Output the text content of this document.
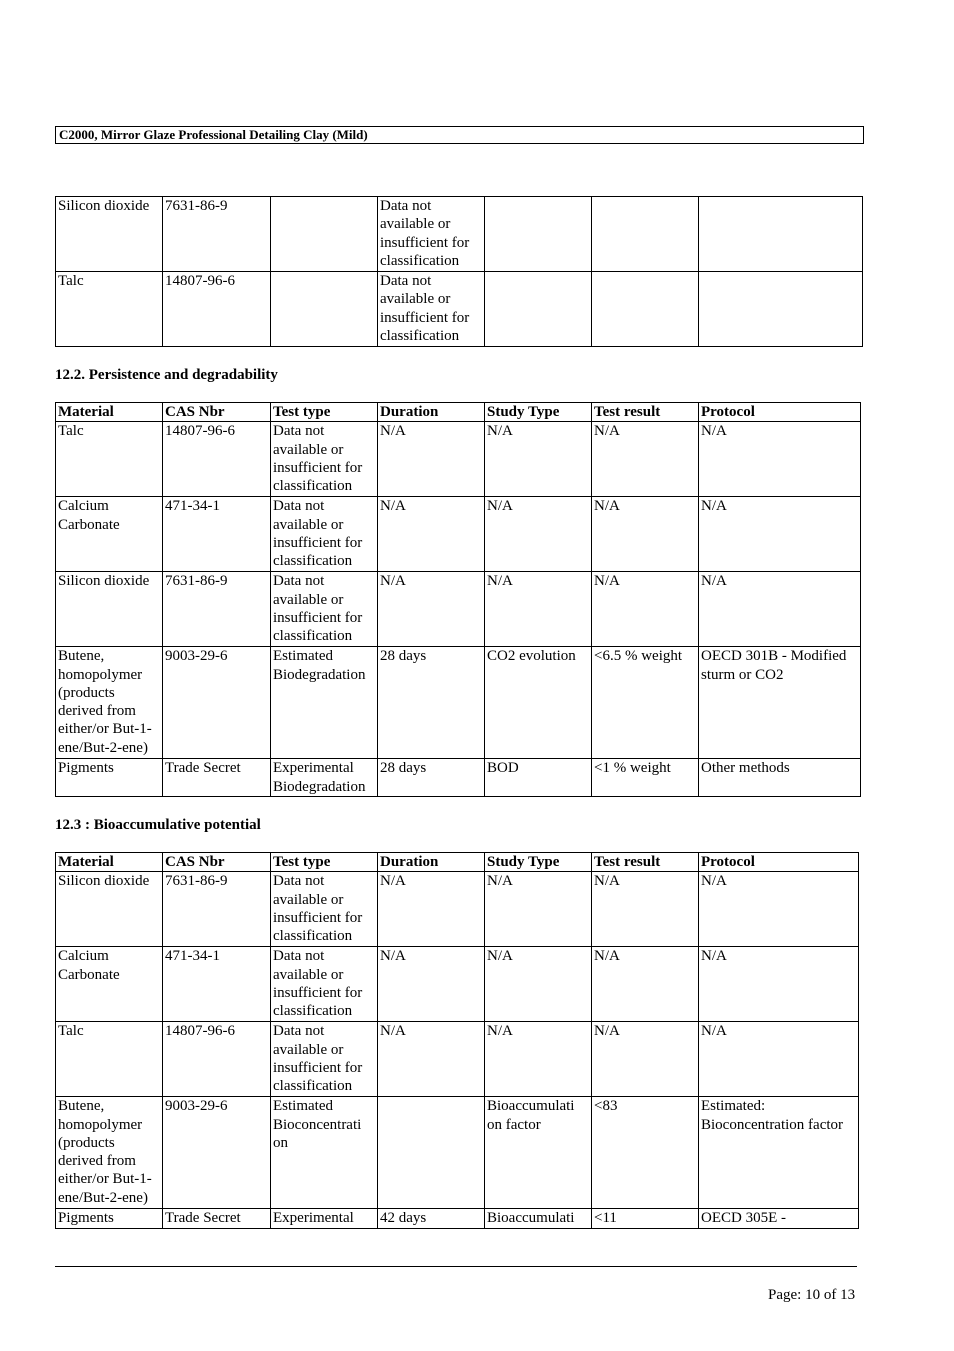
C2000, Mirror Glaze Professional Detailing Clay (Mild)
Silicon dioxide	7631-86-9		Data not available or insufficient for classification			
Talc	14807-96-6		Data not available or insufficient for classification			
12.2. Persistence and degradability
Material	CAS Nbr	Test type	Duration	Study Type	Test result	Protocol
Talc	14807-96-6	Data not available or insufficient for classification	N/A	N/A	N/A	N/A
Calcium Carbonate	471-34-1	Data not available or insufficient for classification	N/A	N/A	N/A	N/A
Silicon dioxide	7631-86-9	Data not available or insufficient for classification	N/A	N/A	N/A	N/A
Butene, homopolymer (products derived from either/or But-1-ene/But-2-ene)	9003-29-6	Estimated Biodegradation	28 days	CO2 evolution	<6.5 % weight	OECD 301B - Modified sturm or CO2
Pigments	Trade Secret	Experimental Biodegradation	28 days	BOD	<1 % weight	Other methods
12.3 : Bioaccumulative potential
Material	CAS Nbr	Test type	Duration	Study Type	Test result	Protocol
Silicon dioxide	7631-86-9	Data not available or insufficient for classification	N/A	N/A	N/A	N/A
Calcium Carbonate	471-34-1	Data not available or insufficient for classification	N/A	N/A	N/A	N/A
Talc	14807-96-6	Data not available or insufficient for classification	N/A	N/A	N/A	N/A
Butene, homopolymer (products derived from either/or But-1-ene/But-2-ene)	9003-29-6	Estimated Bioconcentrati on		Bioaccumulati on factor	<83	Estimated: Bioconcentration factor
Pigments	Trade Secret	Experimental	42 days	Bioaccumulati	<11	OECD 305E -
Page: 10 of 13
